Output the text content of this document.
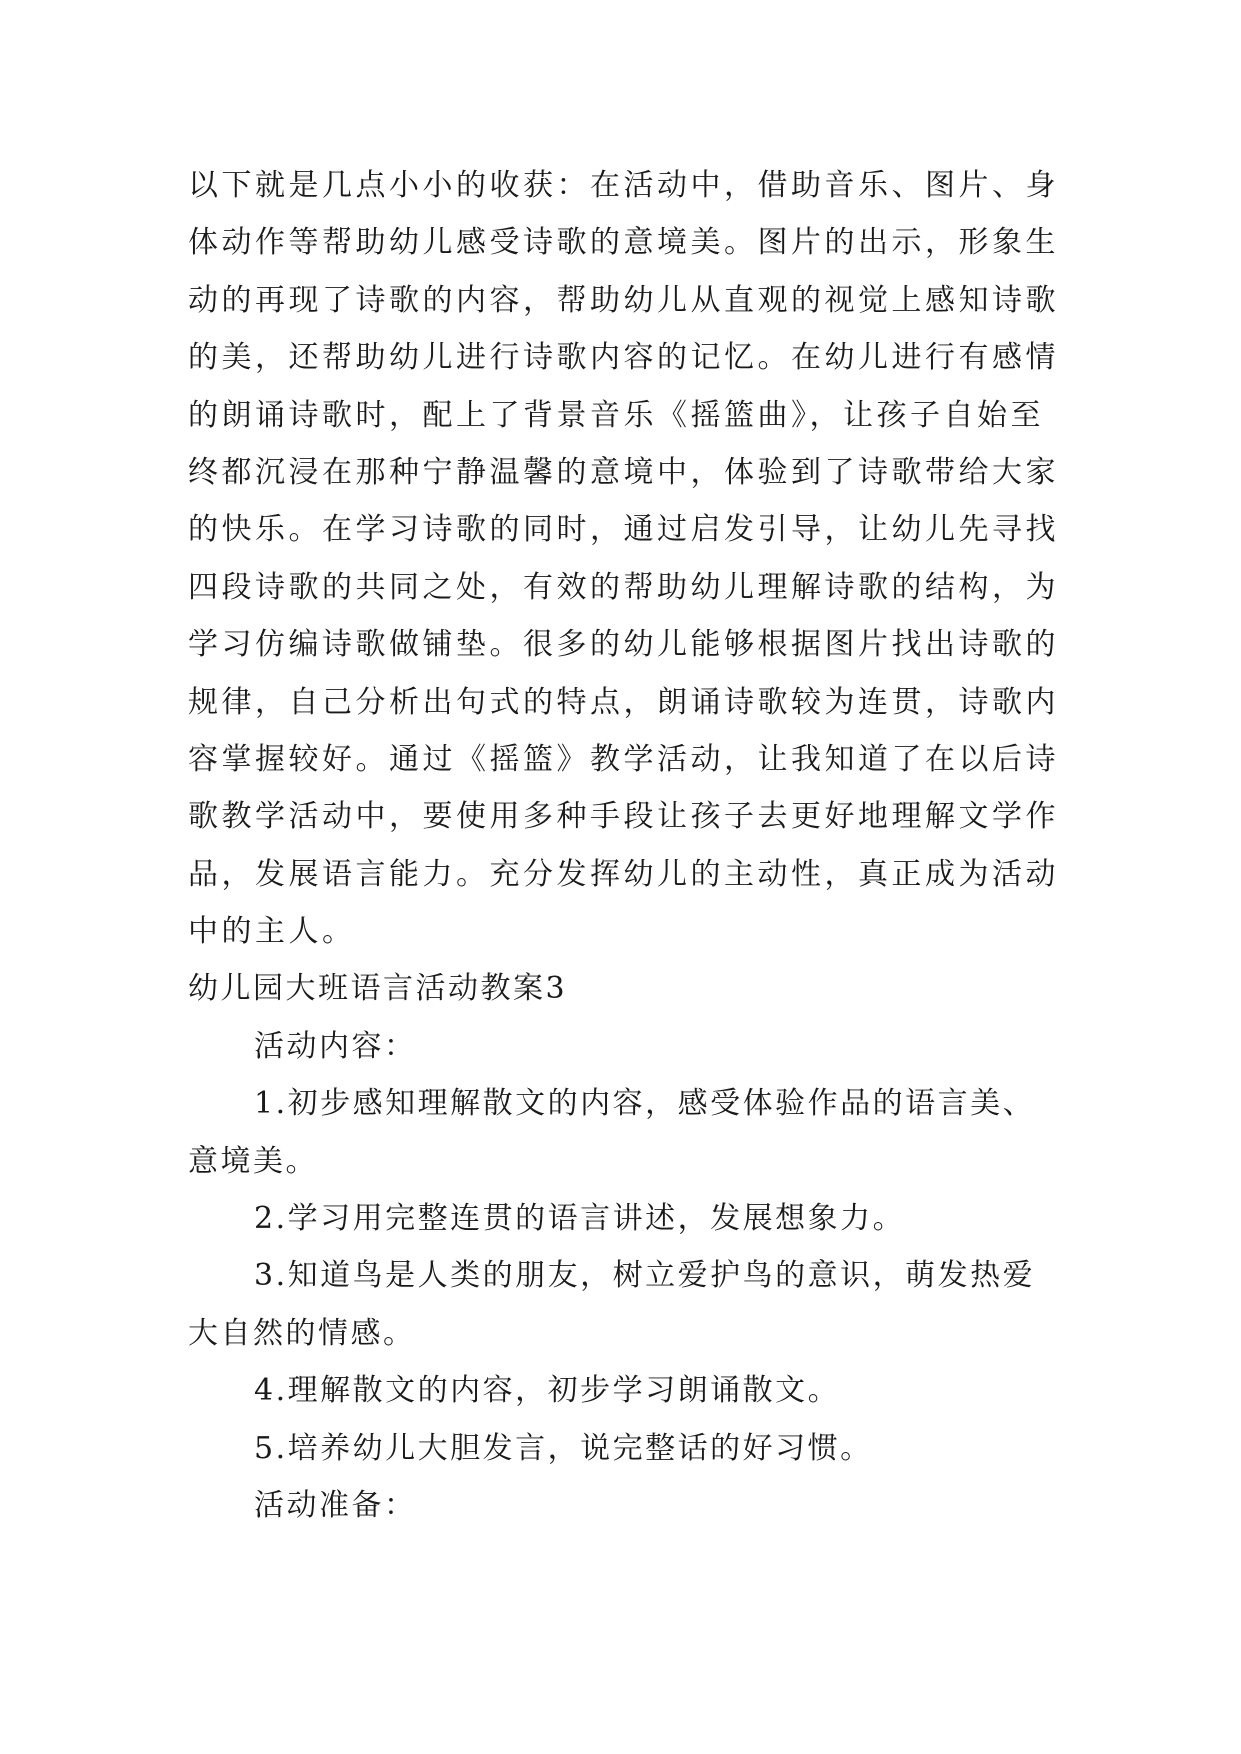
以下就是几点小小的收获：在活动中，借助音乐、图片、身
体动作等帮助幼儿感受诗歌的意境美。图片的出示，形象生
动的再现了诗歌的内容，帮助幼儿从直观的视觉上感知诗歌
的美，还帮助幼儿进行诗歌内容的记忆。在幼儿进行有感情
的朗诵诗歌时，配上了背景音乐《摇篮曲》，让孩子自始至
终都沉浸在那种宁静温馨的意境中，体验到了诗歌带给大家
的快乐。在学习诗歌的同时，通过启发引导，让幼儿先寻找
四段诗歌的共同之处，有效的帮助幼儿理解诗歌的结构，为
学习仿编诗歌做铺垫。很多的幼儿能够根据图片找出诗歌的
规律，自己分析出句式的特点，朗诵诗歌较为连贯，诗歌内
容掌握较好。通过《摇篮》教学活动，让我知道了在以后诗
歌教学活动中，要使用多种手段让孩子去更好地理解文学作
品，发展语言能力。充分发挥幼儿的主动性，真正成为活动
中的主人。
幼儿园大班语言活动教案3
活动内容：
1.初步感知理解散文的内容，感受体验作品的语言美、
意境美。
2.学习用完整连贯的语言讲述，发展想象力。
3.知道鸟是人类的朋友，树立爱护鸟的意识，萌发热爱
大自然的情感。
4.理解散文的内容，初步学习朗诵散文。
5.培养幼儿大胆发言，说完整话的好习惯。
活动准备：
